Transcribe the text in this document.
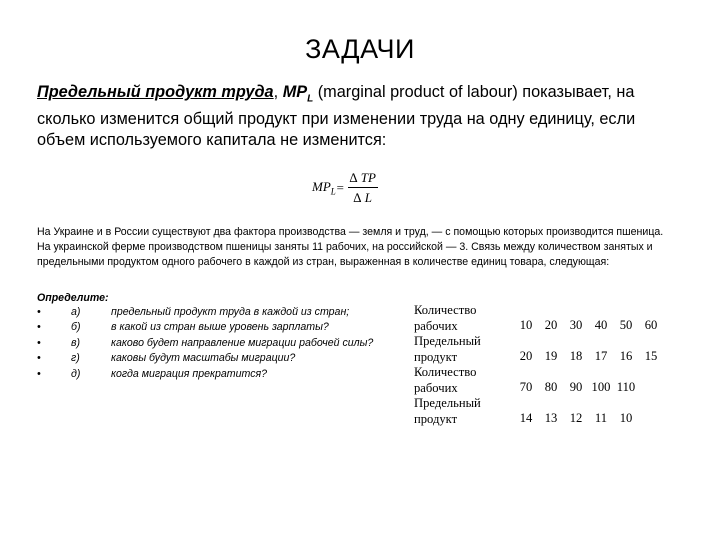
ЗАДАЧИ
Предельный продукт труда, $MP_L$ (marginal product of labour) показывает, на сколько изменится общий продукт при изменении труда на одну единицу, если объем используемого капитала не изменится:
$MP_L = \frac{\Delta TP}{\Delta L}$
На Украине и в России существуют два фактора производства — земля и труд, — с помощью которых производится пшеница. На украинской ферме производством пшеницы заняты 11 рабочих, на российской — 3. Связь между количеством занятых и предельными продуктом одного рабочего в каждой из стран, выраженная в количестве единиц товара, следующая:
Определите:
•	а)	предельный продукт труда в каждой из стран;
•	б)	в какой из стран выше уровень зарплаты?
•	в)	каково будет направление миграции рабочей силы?
•	г)	каковы будут масштабы миграции?
•	д)	когда миграция прекратится?
Количество
рабочих	10 20 30 40 50 60
Предельный
продукт	20 19 18 17 16 15
Количество
рабочих	70 80 90 100 110
Предельный
продукт	14 13 12	11	10
